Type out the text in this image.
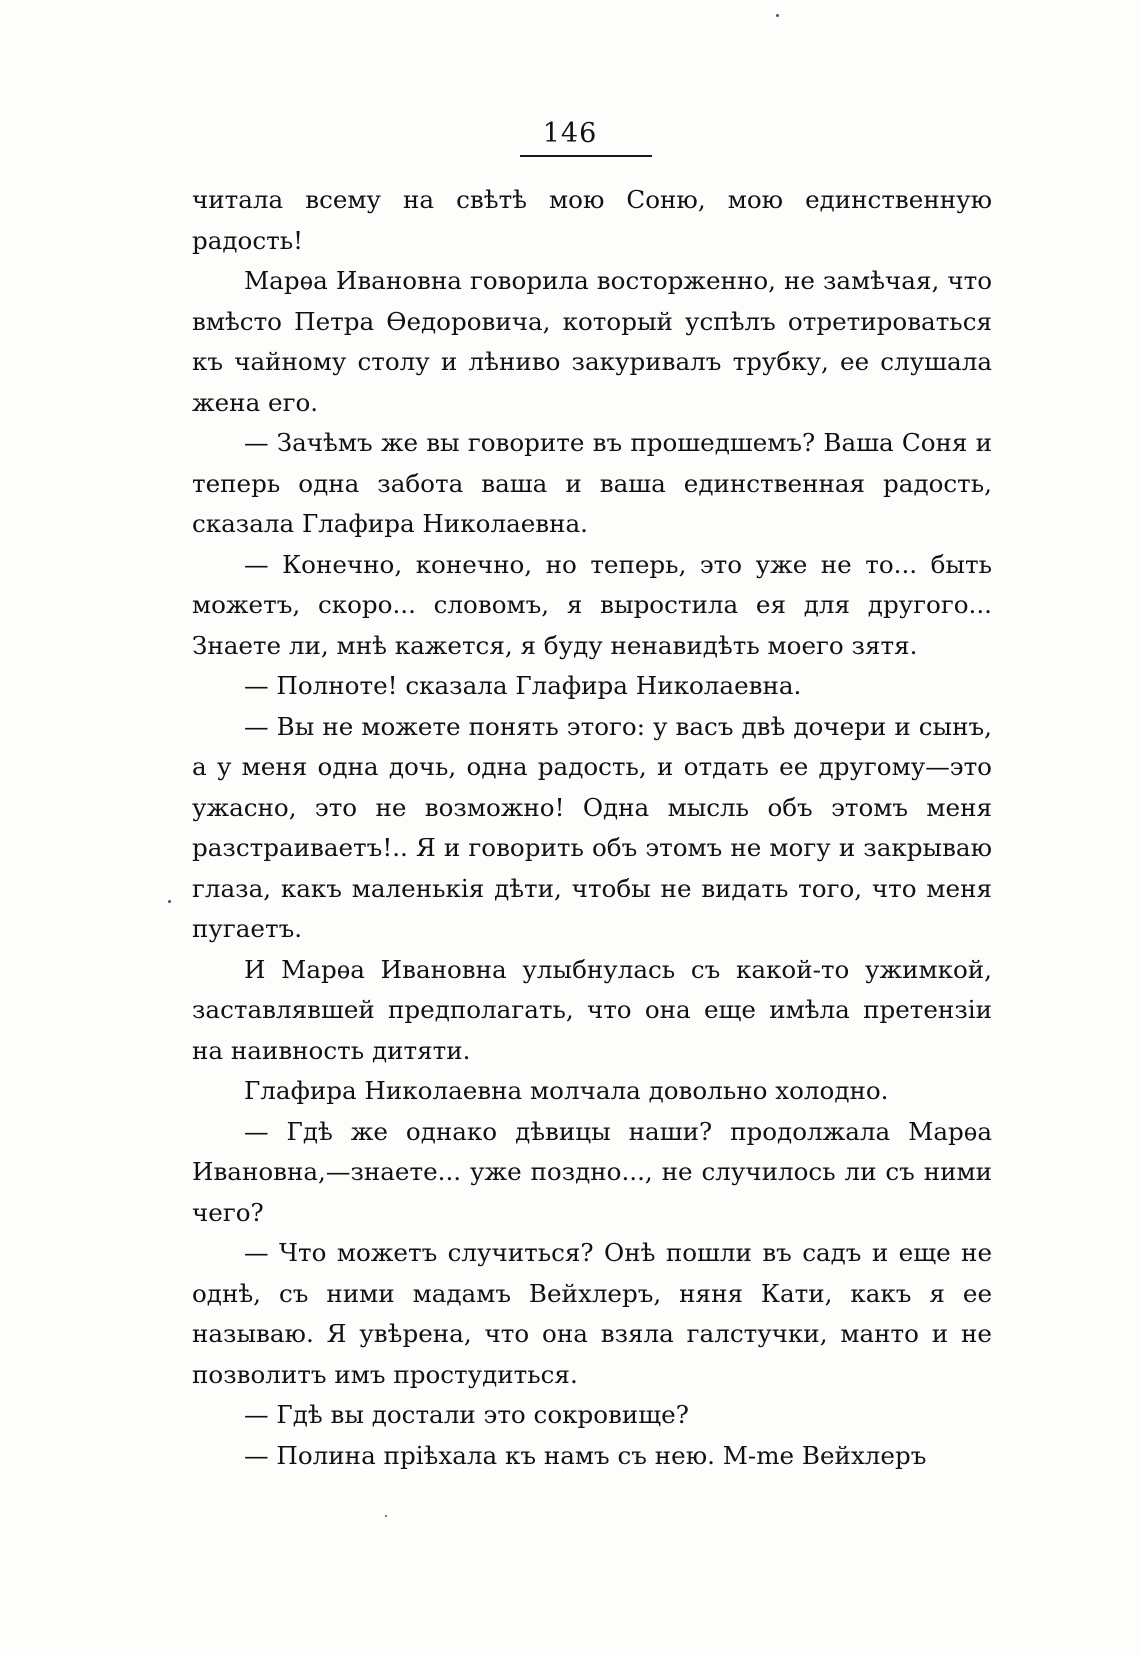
146

читала всему на свѣтѣ мою Соню, мою единственную радость!

Марѳа Ивановна говорила восторженно, не замѣчая, что вмѣсто Петра Ѳедоровича, который успѣлъ отретироваться къ чайному столу и лѣниво закуривалъ трубку, ее слушала жена его.

— Зачѣмъ же вы говорите въ прошедшемъ? Ваша Соня и теперь одна забота ваша и ваша единственная радость, сказала Глафира Николаевна.

— Конечно, конечно, но теперь, это уже не то... быть можетъ, скоро... словомъ, я выростила ея для другого... Знаете ли, мнѣ кажется, я буду ненавидѣть моего зятя.

— Полноте! сказала Глафира Николаевна.

— Вы не можете понять этого: у васъ двѣ дочери и сынъ, а у меня одна дочь, одна радость, и отдать ее другому—это ужасно, это не возможно! Одна мысль объ этомъ меня разстраиваетъ!.. Я и говорить объ этомъ не могу и закрываю глаза, какъ маленькія дѣти, чтобы не видать того, что меня пугаетъ.

И Марѳа Ивановна улыбнулась съ какой-то ужимкой, заставлявшей предполагать, что она еще имѣла претензіи на наивность дитяти.

Глафира Николаевна молчала довольно холодно.

— Гдѣ же однако дѣвицы наши? продолжала Марѳа Ивановна,—знаете... уже поздно..., не случилось ли съ ними чего?

— Что можетъ случиться? Онѣ пошли въ садъ и еще не однѣ, съ ними мадамъ Вейхлеръ, няня Кати, какъ я ее называю. Я увѣрена, что она взяла галстучки, манто и не позволитъ имъ простудиться.

— Гдѣ вы достали это сокровище?

— Полина пріѣхала къ намъ съ нею. M-me Вейхлеръ
